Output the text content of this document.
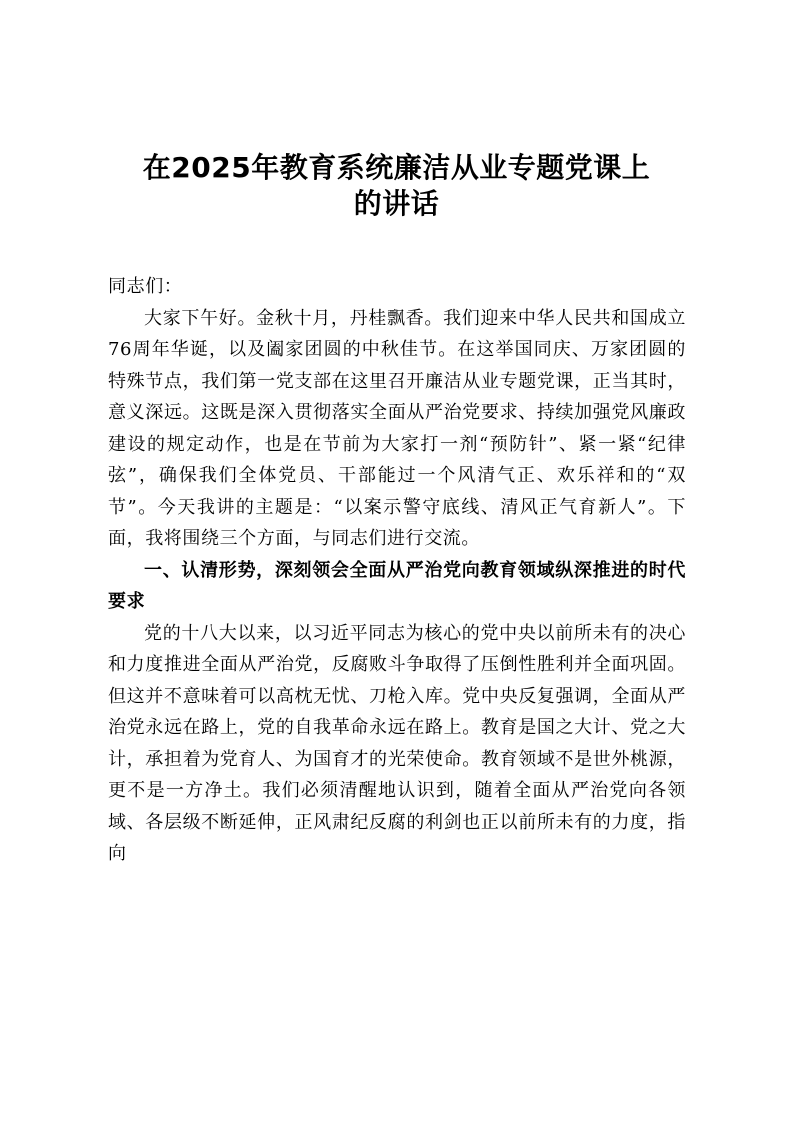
在2025年教育系统廉洁从业专题党课上
的讲话

同志们：

大家下午好。金秋十月，丹桂飘香。我们迎来中华人民共和国成立76周年华诞，以及阖家团圆的中秋佳节。在这举国同庆、万家团圆的特殊节点，我们第一党支部在这里召开廉洁从业专题党课，正当其时，意义深远。这既是深入贯彻落实全面从严治党要求、持续加强党风廉政建设的规定动作，也是在节前为大家打一剂“预防针”、紧一紧“纪律弦”，确保我们全体党员、干部能过一个风清气正、欢乐祥和的“双节”。今天我讲的主题是：“以案示警守底线、清风正气育新人”。下面，我将围绕三个方面，与同志们进行交流。

一、认清形势，深刻领会全面从严治党向教育领域纵深推进的时代要求

党的十八大以来，以习近平同志为核心的党中央以前所未有的决心和力度推进全面从严治党，反腐败斗争取得了压倒性胜利并全面巩固。但这并不意味着可以高枕无忧、刀枪入库。党中央反复强调，全面从严治党永远在路上，党的自我革命永远在路上。教育是国之大计、党之大计，承担着为党育人、为国育才的光荣使命。教育领域不是世外桃源，更不是一方净土。我们必须清醒地认识到，随着全面从严治党向各领域、各层级不断延伸，正风肃纪反腐的利剑也正以前所未有的力度，指向
